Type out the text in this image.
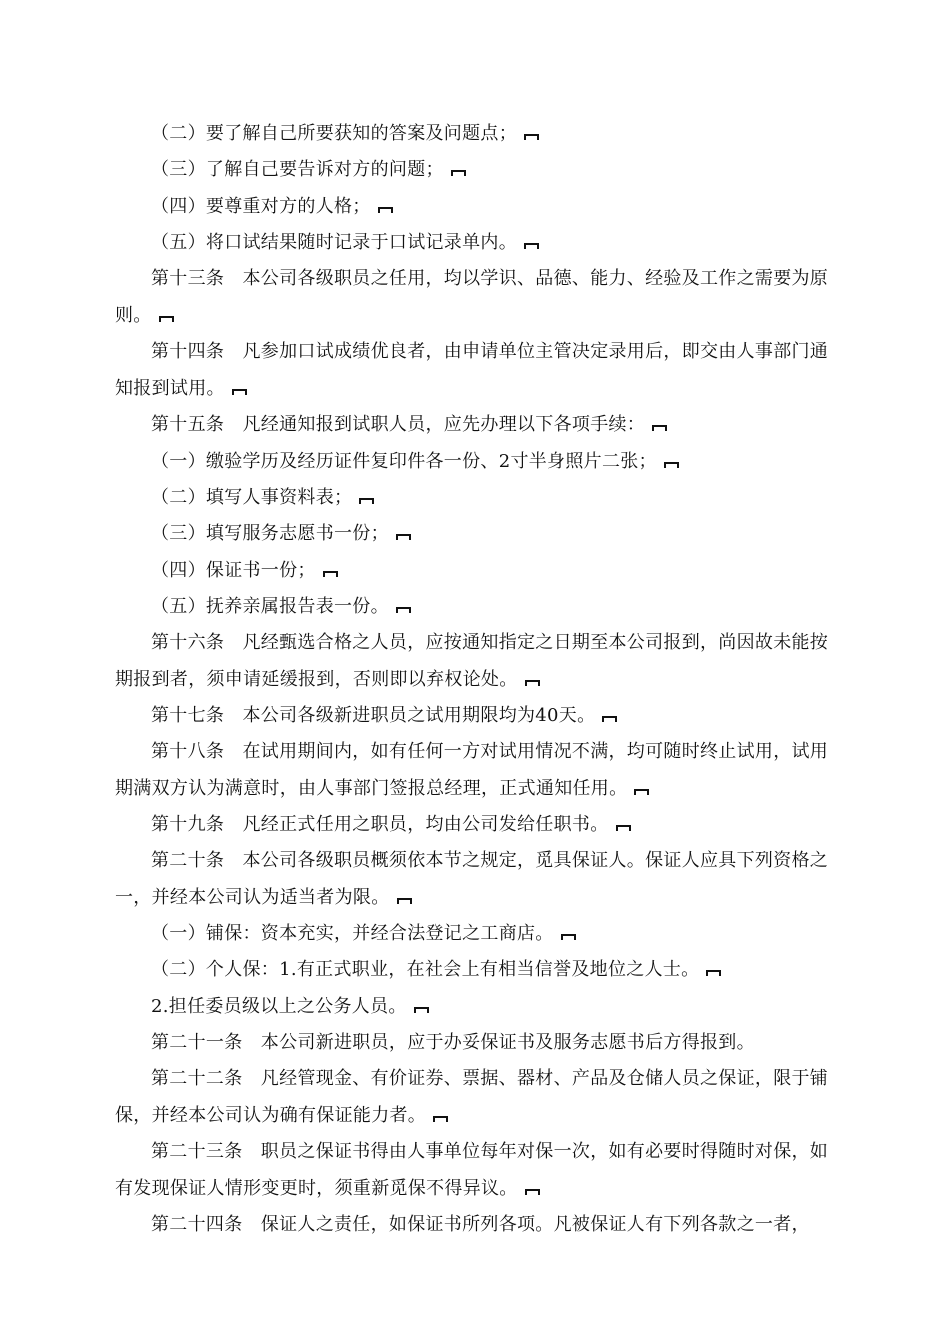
（二）要了解自己所要获知的答案及问题点；
（三）了解自己要告诉对方的问题；
（四）要尊重对方的人格；
（五）将口试结果随时记录于口试记录单内。
第十三条　本公司各级职员之任用，均以学识、品德、能力、经验及工作之需要为原则。
第十四条　凡参加口试成绩优良者，由申请单位主管决定录用后，即交由人事部门通知报到试用。
第十五条　凡经通知报到试职人员，应先办理以下各项手续：
（一）缴验学历及经历证件复印件各一份、2寸半身照片二张；
（二）填写人事资料表；
（三）填写服务志愿书一份；
（四）保证书一份；
（五）抚养亲属报告表一份。
第十六条　凡经甄选合格之人员，应按通知指定之日期至本公司报到，尚因故未能按期报到者，须申请延缓报到，否则即以弃权论处。
第十七条　本公司各级新进职员之试用期限均为40天。
第十八条　在试用期间内，如有任何一方对试用情况不满，均可随时终止试用，试用期满双方认为满意时，由人事部门签报总经理，正式通知任用。
第十九条　凡经正式任用之职员，均由公司发给任职书。
第二十条　本公司各级职员概须依本节之规定，觅具保证人。保证人应具下列资格之一，并经本公司认为适当者为限。
（一）铺保：资本充实，并经合法登记之工商店。
（二）个人保：1.有正式职业，在社会上有相当信誉及地位之人士。
2.担任委员级以上之公务人员。
第二十一条　本公司新进职员，应于办妥保证书及服务志愿书后方得报到。
第二十二条　凡经管现金、有价证券、票据、器材、产品及仓储人员之保证，限于铺保，并经本公司认为确有保证能力者。
第二十三条　职员之保证书得由人事单位每年对保一次，如有必要时得随时对保，如有发现保证人情形变更时，须重新觅保不得异议。
第二十四条　保证人之责任，如保证书所列各项。凡被保证人有下列各款之一者，
